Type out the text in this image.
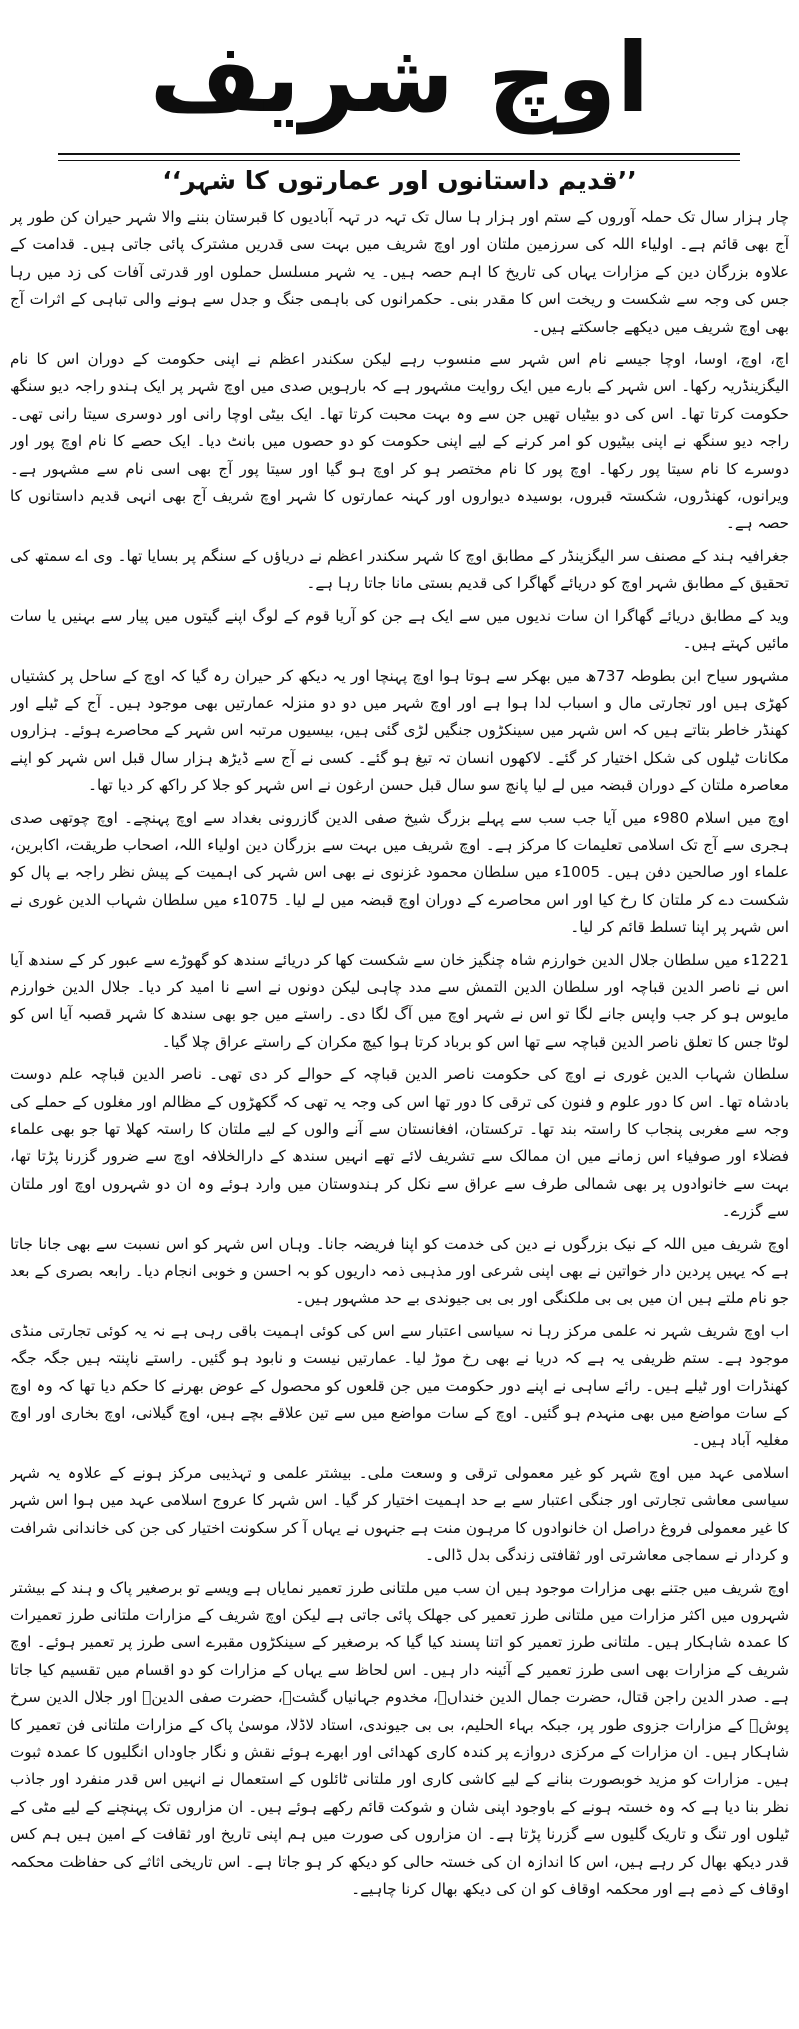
اوچ شریف
’’قدیم داستانوں اور عمارتوں کا شہر‘‘

چار ہزار سال تک حملہ آوروں کے ستم اور ہزار ہا سال تک تہہ در تہہ آبادیوں کا قبرستان بننے والا شہر حیران کن طور پر آج بھی قائم ہے۔ اولیاء اللہ کی سرزمین ملتان اور اوچ شریف میں بہت سی قدریں مشترک پائی جاتی ہیں۔ قدامت کے علاوہ بزرگان دین کے مزارات یہاں کی تاریخ کا اہم حصہ ہیں۔ یہ شہر مسلسل حملوں اور قدرتی آفات کی زد میں رہا جس کی وجہ سے شکست و ریخت اس کا مقدر بنی۔ حکمرانوں کی باہمی جنگ و جدل سے ہونے والی تباہی کے اثرات آج بھی اوچ شریف میں دیکھے جاسکتے ہیں۔

اچ، اوچ، اوسا، اوچا جیسے نام اس شہر سے منسوب رہے لیکن سکندر اعظم نے اپنی حکومت کے دوران اس کا نام الیگزینڈریہ رکھا۔ اس شہر کے بارے میں ایک روایت مشہور ہے کہ بارہویں صدی میں اوچ شہر پر ایک ہندو راجہ دیو سنگھ حکومت کرتا تھا۔ اس کی دو بیٹیاں تھیں جن سے وہ بہت محبت کرتا تھا۔ ایک بیٹی اوچا رانی اور دوسری سیتا رانی تھی۔ راجہ دیو سنگھ نے اپنی بیٹیوں کو امر کرنے کے لیے اپنی حکومت کو دو حصوں میں بانٹ دیا۔ ایک حصے کا نام اوچ پور اور دوسرے کا نام سیتا پور رکھا۔ اوچ پور کا نام مختصر ہو کر اوچ ہو گیا اور سیتا پور آج بھی اسی نام سے مشہور ہے۔ ویرانوں، کھنڈروں، شکستہ قبروں، بوسیدہ دیواروں اور کہنہ عمارتوں کا شہر اوچ شریف آج بھی انہی قدیم داستانوں کا حصہ ہے۔

جغرافیہ ہند کے مصنف سر الیگزینڈر کے مطابق اوچ کا شہر سکندر اعظم نے دریاؤں کے سنگم پر بسایا تھا۔ وی اے سمتھ کی تحقیق کے مطابق شہر اوچ کو دریائے گھاگرا کی قدیم بستی مانا جاتا رہا ہے۔

وید کے مطابق دریائے گھاگرا ان سات ندیوں میں سے ایک ہے جن کو آریا قوم کے لوگ اپنے گیتوں میں پیار سے بہنیں یا سات مائیں کہتے ہیں۔

مشہور سیاح ابن بطوطہ 737ھ میں بھکر سے ہوتا ہوا اوچ پہنچا اور یہ دیکھ کر حیران رہ گیا کہ اوچ کے ساحل پر کشتیاں کھڑی ہیں اور تجارتی مال و اسباب لدا ہوا ہے اور اوچ شہر میں دو دو منزلہ عمارتیں بھی موجود ہیں۔ آج کے ٹیلے اور کھنڈر خاطر بتاتے ہیں کہ اس شہر میں سینکڑوں جنگیں لڑی گئی ہیں، بیسیوں مرتبہ اس شہر کے محاصرے ہوئے۔ ہزاروں مکانات ٹیلوں کی شکل اختیار کر گئے۔ لاکھوں انسان تہ تیغ ہو گئے۔ کسی نے آج سے ڈیڑھ ہزار سال قبل اس شہر کو اپنے معاصرہ ملتان کے دوران قبضہ میں لے لیا پانچ سو سال قبل حسن ارغون نے اس شہر کو جلا کر راکھ کر دیا تھا۔

اوچ میں اسلام 980ء میں آیا جب سب سے پہلے بزرگ شیخ صفی الدین گازرونی بغداد سے اوچ پہنچے۔ اوچ چوتھی صدی ہجری سے آج تک اسلامی تعلیمات کا مرکز ہے۔ اوچ شریف میں بہت سے بزرگان دین اولیاء اللہ، اصحاب طریقت، اکابرین، علماء اور صالحین دفن ہیں۔ 1005ء میں سلطان محمود غزنوی نے بھی اس شہر کی اہمیت کے پیش نظر راجہ بے پال کو شکست دے کر ملتان کا رخ کیا اور اس محاصرے کے دوران اوچ قبضہ میں لے لیا۔ 1075ء میں سلطان شہاب الدین غوری نے اس شہر پر اپنا تسلط قائم کر لیا۔

1221ء میں سلطان جلال الدین خوارزم شاہ چنگیز خان سے شکست کھا کر دریائے سندھ کو گھوڑے سے عبور کر کے سندھ آیا اس نے ناصر الدین قباچہ اور سلطان الدین التمش سے مدد چاہی لیکن دونوں نے اسے نا امید کر دیا۔ جلال الدین خوارزم مایوس ہو کر جب واپس جانے لگا تو اس نے شہر اوچ میں آگ لگا دی۔ راستے میں جو بھی سندھ کا شہر قصبہ آیا اس کو لوٹا جس کا تعلق ناصر الدین قباچہ سے تھا اس کو برباد کرتا ہوا کیچ مکران کے راستے عراق چلا گیا۔

سلطان شہاب الدین غوری نے اوچ کی حکومت ناصر الدین قباچہ کے حوالے کر دی تھی۔ ناصر الدین قباچہ علم دوست بادشاہ تھا۔ اس کا دور علوم و فنون کی ترقی کا دور تھا اس کی وجہ یہ تھی کہ گکھڑوں کے مظالم اور مغلوں کے حملے کی وجہ سے مغربی پنجاب کا راستہ بند تھا۔ ترکستان، افغانستان سے آنے والوں کے لیے ملتان کا راستہ کھلا تھا جو بھی علماء فضلاء اور صوفیاء اس زمانے میں ان ممالک سے تشریف لائے تھے انہیں سندھ کے دارالخلافہ اوچ سے ضرور گزرنا پڑتا تھا، بہت سے خانوادوں پر بھی شمالی طرف سے عراق سے نکل کر ہندوستان میں وارد ہوئے وہ ان دو شہروں اوچ اور ملتان سے گزرے۔

اوچ شریف میں اللہ کے نیک بزرگوں نے دین کی خدمت کو اپنا فریضہ جانا۔ وہاں اس شہر کو اس نسبت سے بھی جانا جاتا ہے کہ یہیں پردین دار خواتین نے بھی اپنی شرعی اور مذہبی ذمہ داریوں کو بہ احسن و خوبی انجام دیا۔ رابعہ بصری کے بعد جو نام ملتے ہیں ان میں بی بی ملکنگی اور بی بی جیوندی بے حد مشہور ہیں۔

اب اوچ شریف شہر نہ علمی مرکز رہا نہ سیاسی اعتبار سے اس کی کوئی اہمیت باقی رہی ہے نہ یہ کوئی تجارتی منڈی موجود ہے۔ ستم ظریفی یہ ہے کہ دریا نے بھی رخ موڑ لیا۔ عمارتیں نیست و نابود ہو گئیں۔ راستے ناپنتہ ہیں جگہ جگہ کھنڈرات اور ٹیلے ہیں۔ رائے ساہی نے اپنے دور حکومت میں جن قلعوں کو محصول کے عوض بھرنے کا حکم دیا تھا کہ وہ اوچ کے سات مواضع میں بھی منہدم ہو گئیں۔ اوچ کے سات مواضع میں سے تین علاقے بچے ہیں، اوچ گیلانی، اوچ بخاری اور اوچ مغلیہ آباد ہیں۔

اسلامی عہد میں اوچ شہر کو غیر معمولی ترقی و وسعت ملی۔ بیشتر علمی و تہذیبی مرکز ہونے کے علاوہ یہ شہر سیاسی معاشی تجارتی اور جنگی اعتبار سے بے حد اہمیت اختیار کر گیا۔ اس شہر کا عروج اسلامی عہد میں ہوا اس شہر کا غیر معمولی فروغ دراصل ان خانوادوں کا مرہون منت ہے جنہوں نے یہاں آ کر سکونت اختیار کی جن کی خاندانی شرافت و کردار نے سماجی معاشرتی اور ثقافتی زندگی بدل ڈالی۔

اوچ شریف میں جتنے بھی مزارات موجود ہیں ان سب میں ملتانی طرز تعمیر نمایاں ہے ویسے تو برصغیر پاک و ہند کے بیشتر شہروں میں اکثر مزارات میں ملتانی طرز تعمیر کی جھلک پائی جاتی ہے لیکن اوچ شریف کے مزارات ملتانی طرز تعمیرات کا عمدہ شاہکار ہیں۔ ملتانی طرز تعمیر کو اتنا پسند کیا گیا کہ برصغیر کے سینکڑوں مقبرے اسی طرز پر تعمیر ہوئے۔ اوچ شریف کے مزارات بھی اسی طرز تعمیر کے آئینہ دار ہیں۔ اس لحاظ سے یہاں کے مزارات کو دو اقسام میں تقسیم کیا جاتا ہے۔ صدر الدین راجن قتال، حضرت جمال الدین خنداںؒ، مخدوم جہانیاں گشتؒ، حضرت صفی الدینؒ اور جلال الدین سرخ پوشؒ کے مزارات جزوی طور پر، جبکہ بہاء الحلیم، بی بی جیوندی، استاد لاڈلا، موسیٰ پاک کے مزارات ملتانی فن تعمیر کا شاہکار ہیں۔ ان مزارات کے مرکزی دروازے پر کندہ کاری کھدائی اور ابھرے ہوئے نقش و نگار جاوداں انگلیوں کا عمدہ ثبوت ہیں۔ مزارات کو مزید خوبصورت بنانے کے لیے کاشی کاری اور ملتانی ٹائلوں کے استعمال نے انہیں اس قدر منفرد اور جاذب نظر بنا دیا ہے کہ وہ خستہ ہونے کے باوجود اپنی شان و شوکت قائم رکھے ہوئے ہیں۔ ان مزاروں تک پہنچنے کے لیے مٹی کے ٹیلوں اور تنگ و تاریک گلیوں سے گزرنا پڑتا ہے۔ ان مزاروں کی صورت میں ہم اپنی تاریخ اور ثقافت کے امین ہیں ہم کس قدر دیکھ بھال کر رہے ہیں، اس کا اندازہ ان کی خستہ حالی کو دیکھ کر ہو جاتا ہے۔ اس تاریخی اثاثے کی حفاظت محکمہ اوقاف کے ذمے ہے اور محکمہ اوقاف کو ان کی دیکھ بھال کرنا چاہیے۔
